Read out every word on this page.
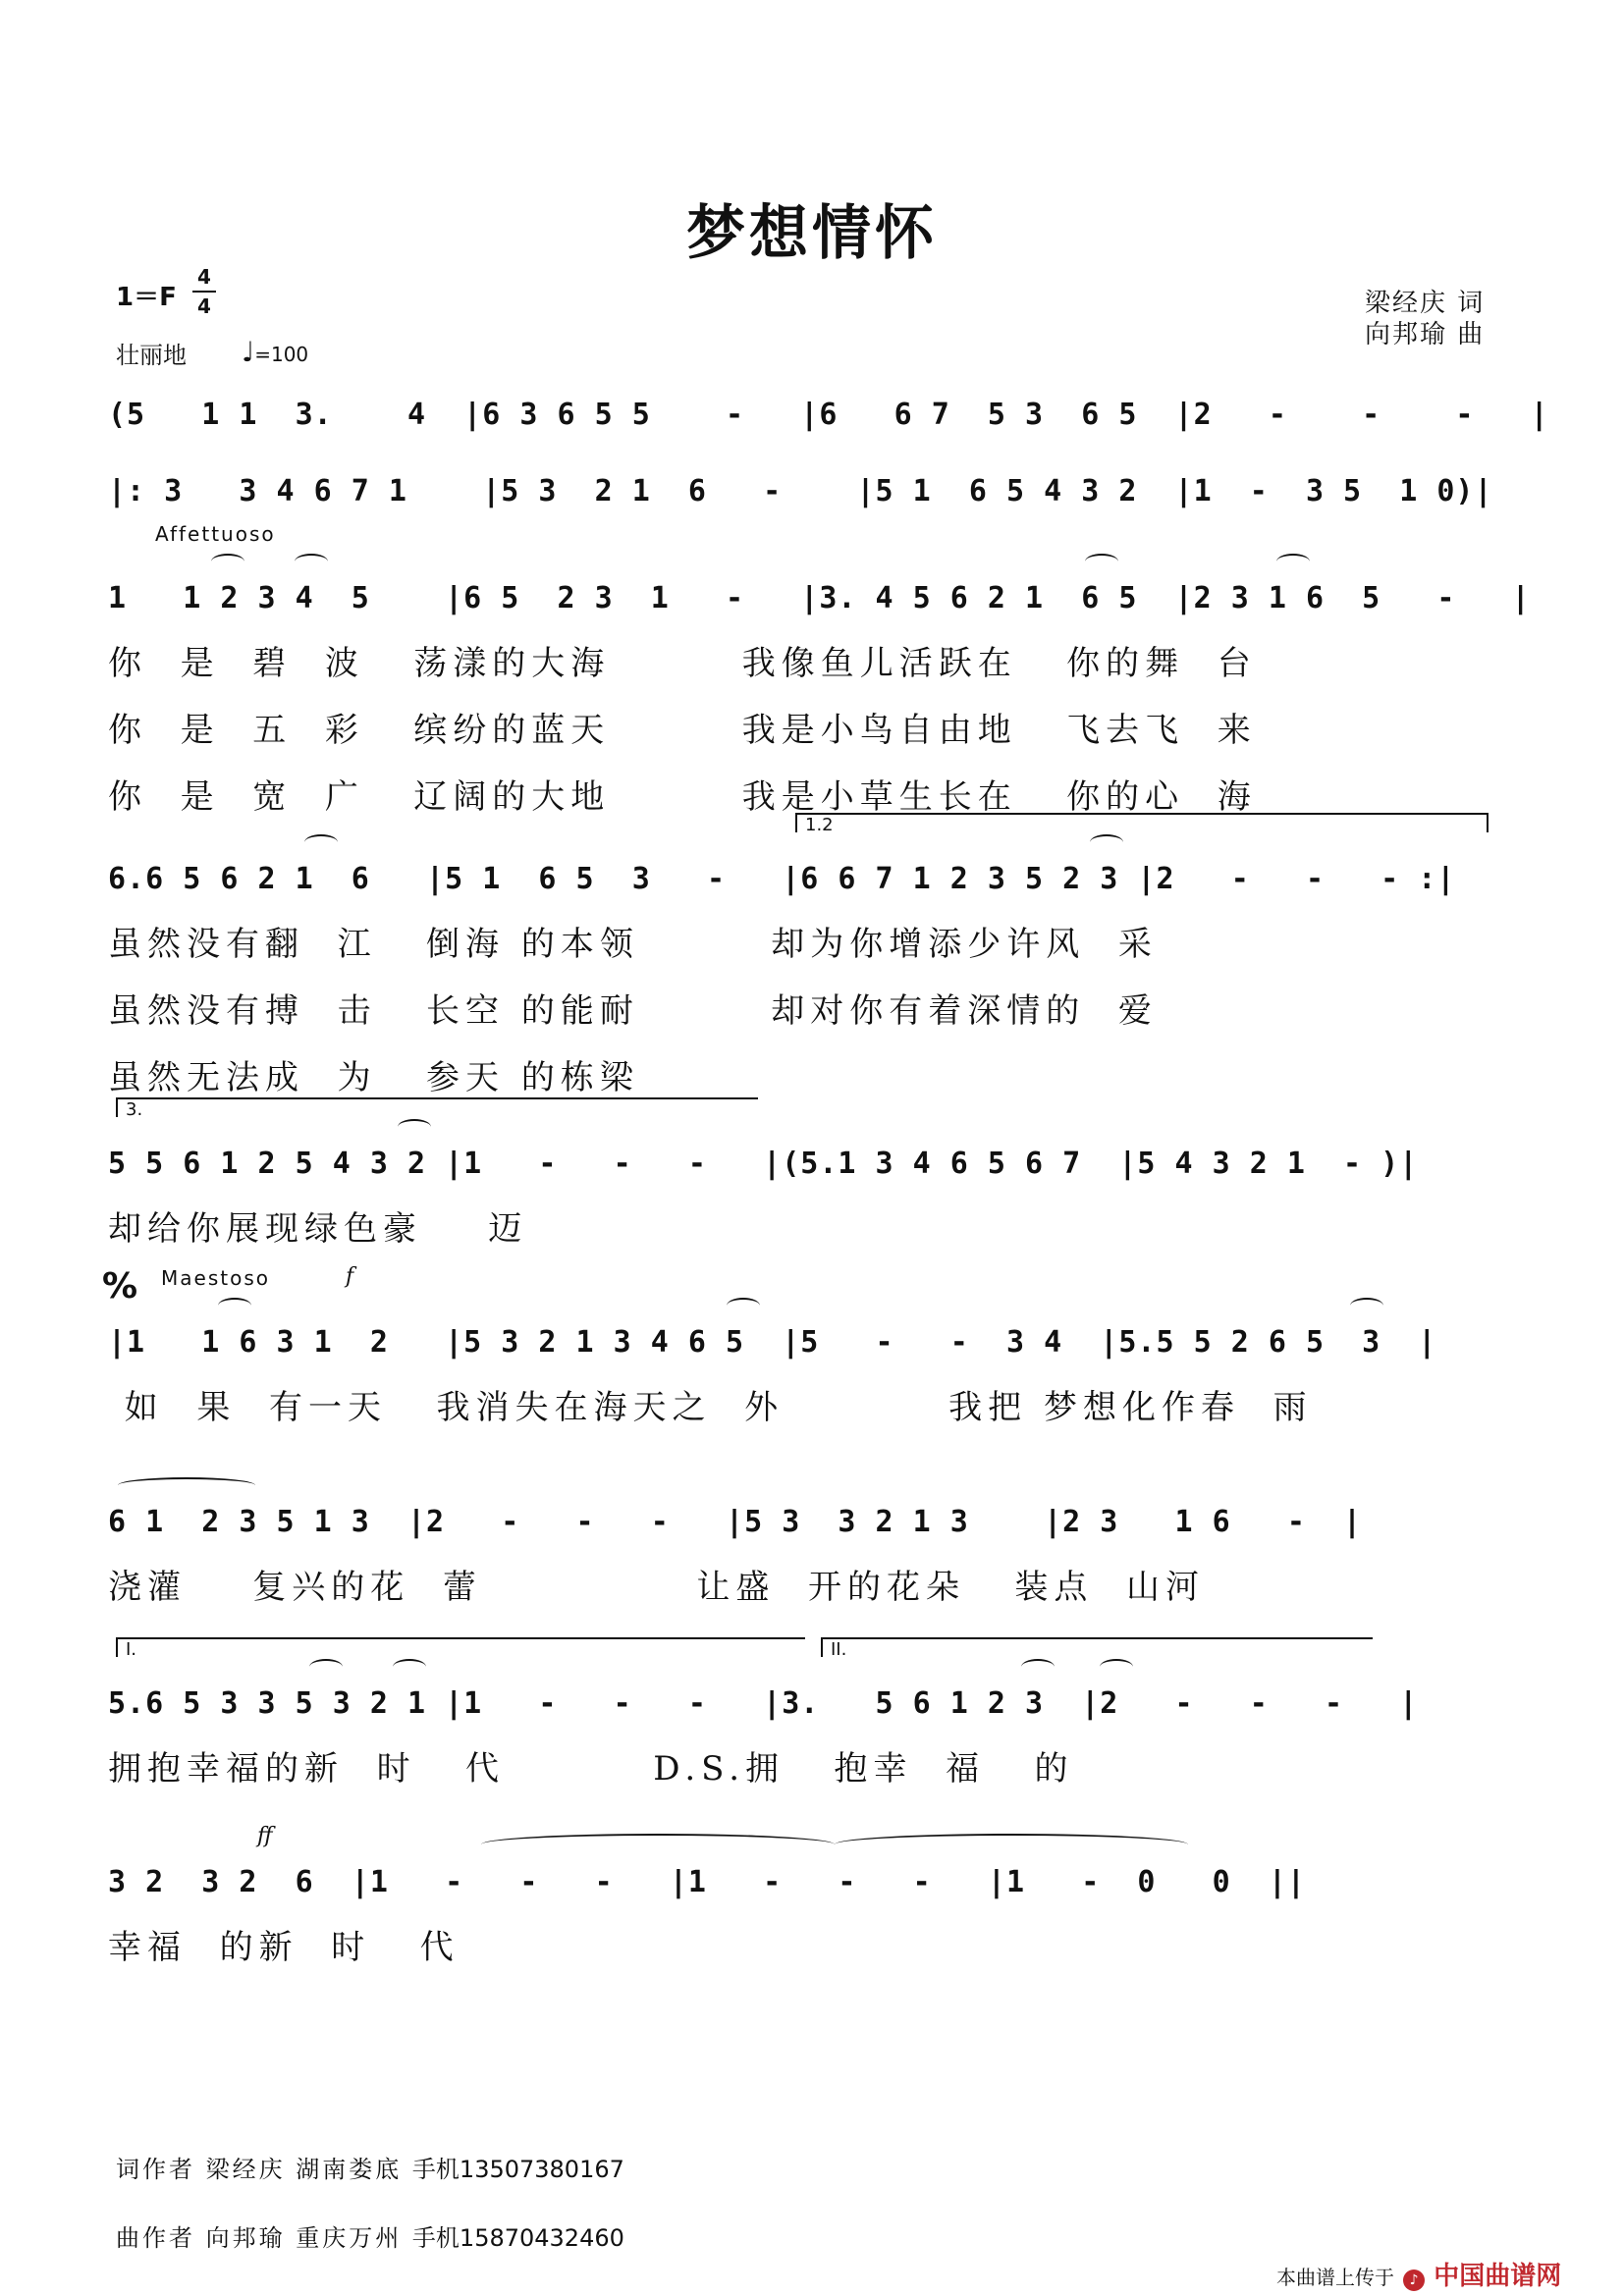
梦想情怀
1＝F
4
4
壮丽地 ♩=100
梁经庆 词
向邦瑜 曲
(5   1 1  3.    4  |6 3 6 5 5    -   |6   6 7  5 3  6 5  |2   -    -    -   |
|: 3   3 4 6 7 1    |5 3  2 1  6   -    |5 1  6 5 4 3 2  |1  -  3 5  1 0)|
Affettuoso
1   1 2 3 4  5    |6 5  2 3  1   -   |3. 4 5 6 2 1  6 5  |2 3 1 6  5   -   |
你  是  碧  波   荡漾的大海        我像鱼儿活跃在   你的舞  台
你  是  五  彩   缤纷的蓝天        我是小鸟自由地   飞去飞  来
你  是  宽  广   辽阔的大地        我是小草生长在   你的心  海
1.2
6.6 5 6 2 1  6   |5 1  6 5  3   -   |6 6 7 1 2 3 5 2 3 |2   -   -   - :|
虽然没有翻  江   倒海 的本领        却为你增添少许风  采
虽然没有搏  击   长空 的能耐        却对你有着深情的  爱
虽然无法成  为   参天 的栋梁
3.
5 5 6 1 2 5 4 3 2 |1   -   -   -   |(5.1 3 4 6 5 6 7  |5 4 3 2 1  - )|
却给你展现绿色豪    迈
% Maestoso	f
|1   1 6 3 1  2   |5 3 2 1 3 4 6 5  |5   -   -  3 4  |5.5 5 2 6 5  3  |
如  果  有一天   我消失在海天之  外          我把 梦想化作春  雨
6 1  2 3 5 1 3  |2   -   -   -   |5 3  3 2 1 3    |2 3   1 6   -  |
浇灌    复兴的花  蕾             让盛  开的花朵   装点  山河
I.	II.
5.6 5 3 3 5 3 2 1 |1   -   -   -   |3.   5 6 1 2 3  |2   -   -   -   |
拥抱幸福的新  时   代         D.S.拥   抱幸  福   的
ff
3 2  3 2  6  |1   -   -   -   |1   -   -   -   |1   -  0   0  ||
幸福  的新  时   代
词作者 梁经庆 湖南娄底 手机13507380167
曲作者 向邦瑜 重庆万州 手机15870432460
本曲谱上传于 ♪ 中国曲谱网
